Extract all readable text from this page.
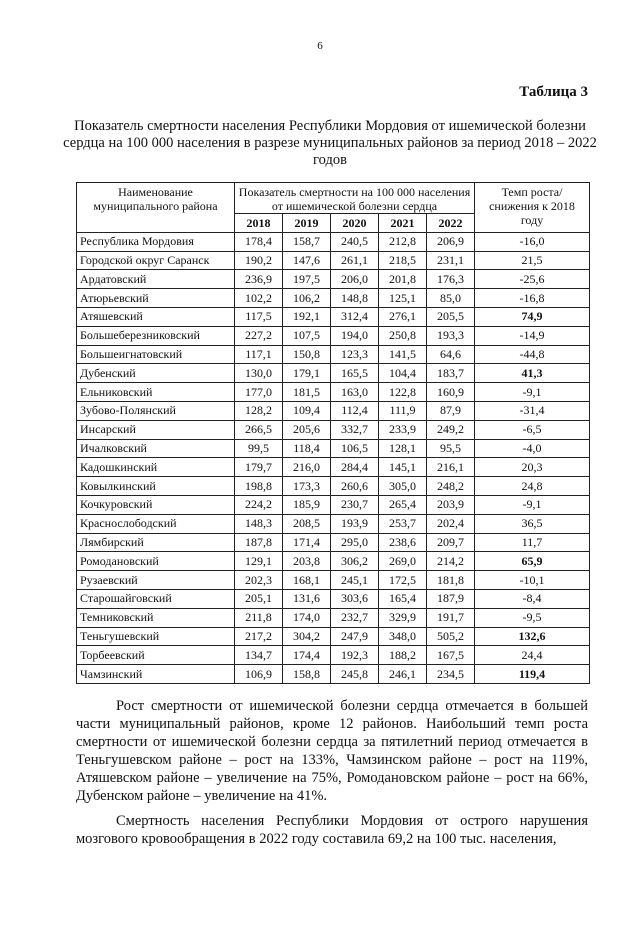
6
Таблица 3
Показатель смертности населения Республики Мордовия от ишемической болезни сердца на 100 000 населения в разрезе муниципальных районов за период 2018 – 2022 годов
Наименование муниципального района	Показатель смертности на 100 000 населения от ишемической болезни сердца					Темп роста/снижения к 2018 году
	2018	2019	2020	2021	2022	
Республика Мордовия	178,4	158,7	240,5	212,8	206,9	-16,0
Городской округ Саранск	190,2	147,6	261,1	218,5	231,1	21,5
Ардатовский	236,9	197,5	206,0	201,8	176,3	-25,6
Атюрьевский	102,2	106,2	148,8	125,1	85,0	-16,8
Атяшевский	117,5	192,1	312,4	276,1	205,5	74,9
Большеберезниковский	227,2	107,5	194,0	250,8	193,3	-14,9
Большеигнатовский	117,1	150,8	123,3	141,5	64,6	-44,8
Дубенский	130,0	179,1	165,5	104,4	183,7	41,3
Ельниковский	177,0	181,5	163,0	122,8	160,9	-9,1
Зубово-Полянский	128,2	109,4	112,4	111,9	87,9	-31,4
Инсарский	266,5	205,6	332,7	233,9	249,2	-6,5
Ичалковский	99,5	118,4	106,5	128,1	95,5	-4,0
Кадошкинский	179,7	216,0	284,4	145,1	216,1	20,3
Ковылкинский	198,8	173,3	260,6	305,0	248,2	24,8
Кочкуровский	224,2	185,9	230,7	265,4	203,9	-9,1
Краснослободский	148,3	208,5	193,9	253,7	202,4	36,5
Лямбирский	187,8	171,4	295,0	238,6	209,7	11,7
Ромодановский	129,1	203,8	306,2	269,0	214,2	65,9
Рузаевский	202,3	168,1	245,1	172,5	181,8	-10,1
Старошайговский	205,1	131,6	303,6	165,4	187,9	-8,4
Темниковский	211,8	174,0	232,7	329,9	191,7	-9,5
Теньгушевский	217,2	304,2	247,9	348,0	505,2	132,6
Торбеевский	134,7	174,4	192,3	188,2	167,5	24,4
Чамзинский	106,9	158,8	245,8	246,1	234,5	119,4

Рост смертности от ишемической болезни сердца отмечается в большей части муниципальный районов, кроме 12 районов. Наибольший темп роста смертности от ишемической болезни сердца за пятилетний период отмечается в Теньгушевском районе – рост на 133%, Чамзинском районе – рост на 119%, Атяшевском районе – увеличение на 75%, Ромодановском районе – рост на 66%, Дубенском районе – увеличение на 41%.

Смертность населения Республики Мордовия от острого нарушения мозгового кровообращения в 2022 году составила 69,2 на 100 тыс. населения,
